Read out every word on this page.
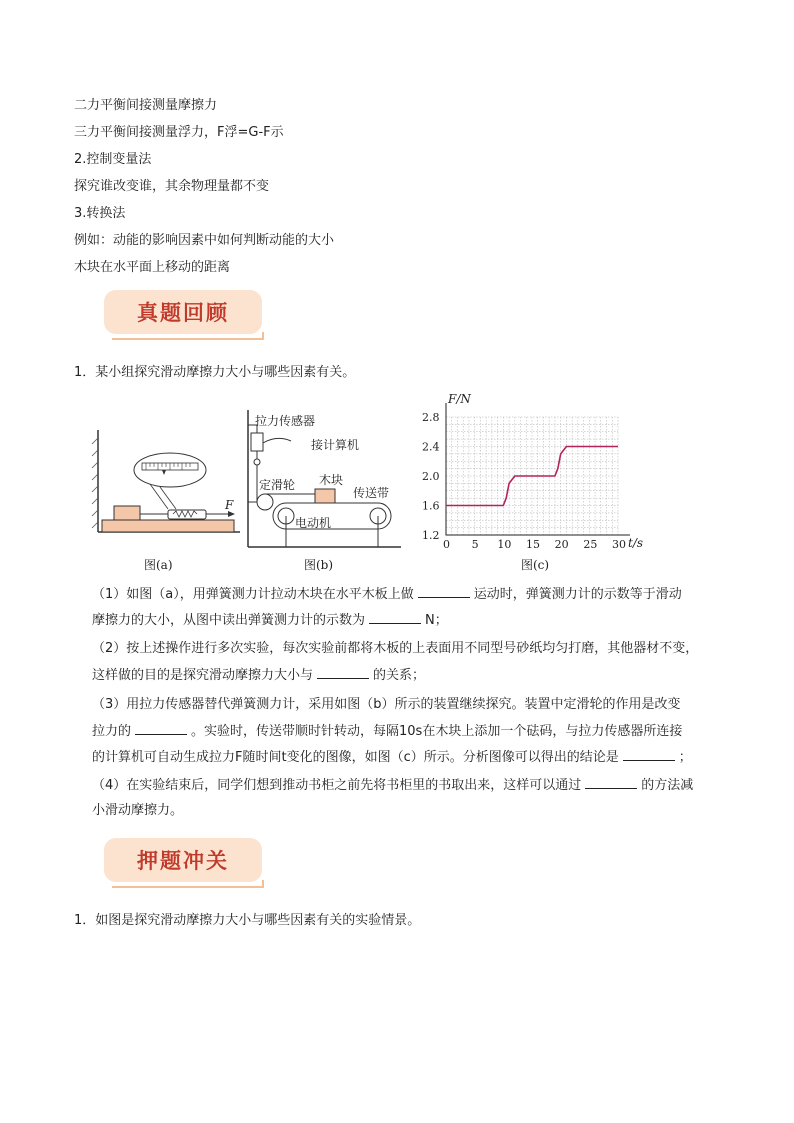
二力平衡间接测量摩擦力
三力平衡间接测量浮力，F浮=G-F示
2.控制变量法
探究谁改变谁，其余物理量都不变
3.转换法
例如：动能的影响因素中如何判断动能的大小
木块在水平面上移动的距离
真题回顾
1．某小组探究滑动摩擦力大小与哪些因素有关。
F
图(a)
拉力传感器
接计算机
定滑轮 木块
传送带
电动机
图(b)
0 5 10 15 20 25 30
1.2
1.6
2.0
2.4
2.8
F/N
t/s
图(c)
（1）如图（a），用弹簧测力计拉动木块在水平木板上做	运动时，弹簧测力计的示数等于滑动
摩擦力的大小，从图中读出弹簧测力计的示数为	N；
（2）按上述操作进行多次实验，每次实验前都将木板的上表面用不同型号砂纸均匀打磨，其他器材不变，
这样做的目的是探究滑动摩擦力大小与	的关系；
（3）用拉力传感器替代弹簧测力计，采用如图（b）所示的装置继续探究。装置中定滑轮的作用是改变
拉力的	。实验时，传送带顺时针转动，每隔10s在木块上添加一个砝码，与拉力传感器所连接
的计算机可自动生成拉力F随时间t变化的图像，如图（c）所示。分析图像可以得出的结论是	；
（4）在实验结束后，同学们想到推动书柜之前先将书柜里的书取出来，这样可以通过	的方法减
小滑动摩擦力。
押题冲关
1．如图是探究滑动摩擦力大小与哪些因素有关的实验情景。
